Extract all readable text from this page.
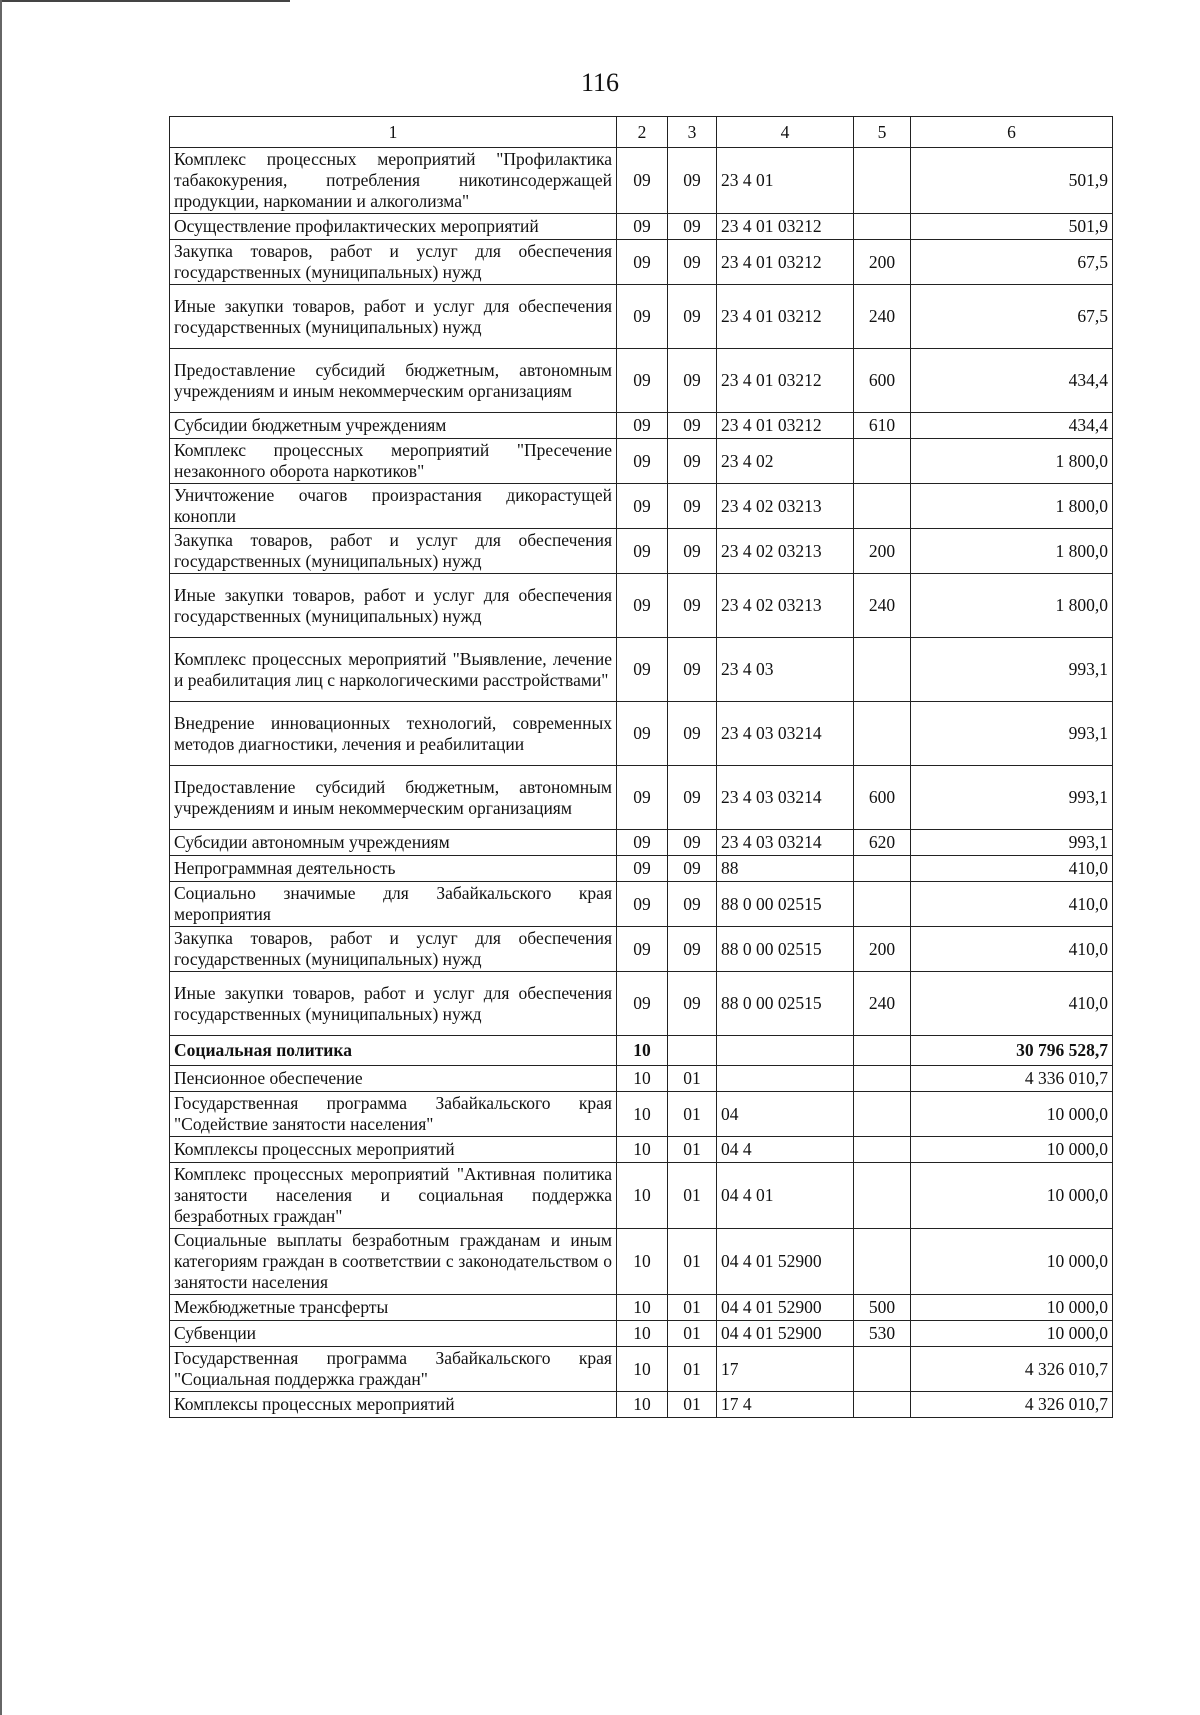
116
1	2	3	4	5	6
Комплекс процессных мероприятий "Профилактика табакокурения, потребления никотинсодержащей продукции, наркомании и алкоголизма"	09	09	23 4 01		501,9
Осуществление профилактических мероприятий	09	09	23 4 01 03212		501,9
Закупка товаров, работ и услуг для обеспечения государственных (муниципальных) нужд	09	09	23 4 01 03212	200	67,5
Иные закупки товаров, работ и услуг для обеспечения государственных (муниципальных) нужд	09	09	23 4 01 03212	240	67,5
Предоставление субсидий бюджетным, автономным учреждениям и иным некоммерческим организациям	09	09	23 4 01 03212	600	434,4
Субсидии бюджетным учреждениям	09	09	23 4 01 03212	610	434,4
Комплекс процессных мероприятий "Пресечение незаконного оборота наркотиков"	09	09	23 4 02		1 800,0
Уничтожение очагов произрастания дикорастущей конопли	09	09	23 4 02 03213		1 800,0
Закупка товаров, работ и услуг для обеспечения государственных (муниципальных) нужд	09	09	23 4 02 03213	200	1 800,0
Иные закупки товаров, работ и услуг для обеспечения государственных (муниципальных) нужд	09	09	23 4 02 03213	240	1 800,0
Комплекс процессных мероприятий "Выявление, лечение и реабилитация лиц с наркологическими расстройствами"	09	09	23 4 03		993,1
Внедрение инновационных технологий, современных методов диагностики, лечения и реабилитации	09	09	23 4 03 03214		993,1
Предоставление субсидий бюджетным, автономным учреждениям и иным некоммерческим организациям	09	09	23 4 03 03214	600	993,1
Субсидии автономным учреждениям	09	09	23 4 03 03214	620	993,1
Непрограммная деятельность	09	09	88		410,0
Социально значимые для Забайкальского края мероприятия	09	09	88 0 00 02515		410,0
Закупка товаров, работ и услуг для обеспечения государственных (муниципальных) нужд	09	09	88 0 00 02515	200	410,0
Иные закупки товаров, работ и услуг для обеспечения государственных (муниципальных) нужд	09	09	88 0 00 02515	240	410,0
Социальная политика	10				30 796 528,7
Пенсионное обеспечение	10	01			4 336 010,7
Государственная программа Забайкальского края "Содействие занятости населения"	10	01	04		10 000,0
Комплексы процессных мероприятий	10	01	04 4		10 000,0
Комплекс процессных мероприятий "Активная политика занятости населения и социальная поддержка безработных граждан"	10	01	04 4 01		10 000,0
Социальные выплаты безработным гражданам и иным категориям граждан в соответствии с законодательством о занятости населения	10	01	04 4 01 52900		10 000,0
Межбюджетные трансферты	10	01	04 4 01 52900	500	10 000,0
Субвенции	10	01	04 4 01 52900	530	10 000,0
Государственная программа Забайкальского края "Социальная поддержка граждан"	10	01	17		4 326 010,7
Комплексы процессных мероприятий	10	01	17 4		4 326 010,7
